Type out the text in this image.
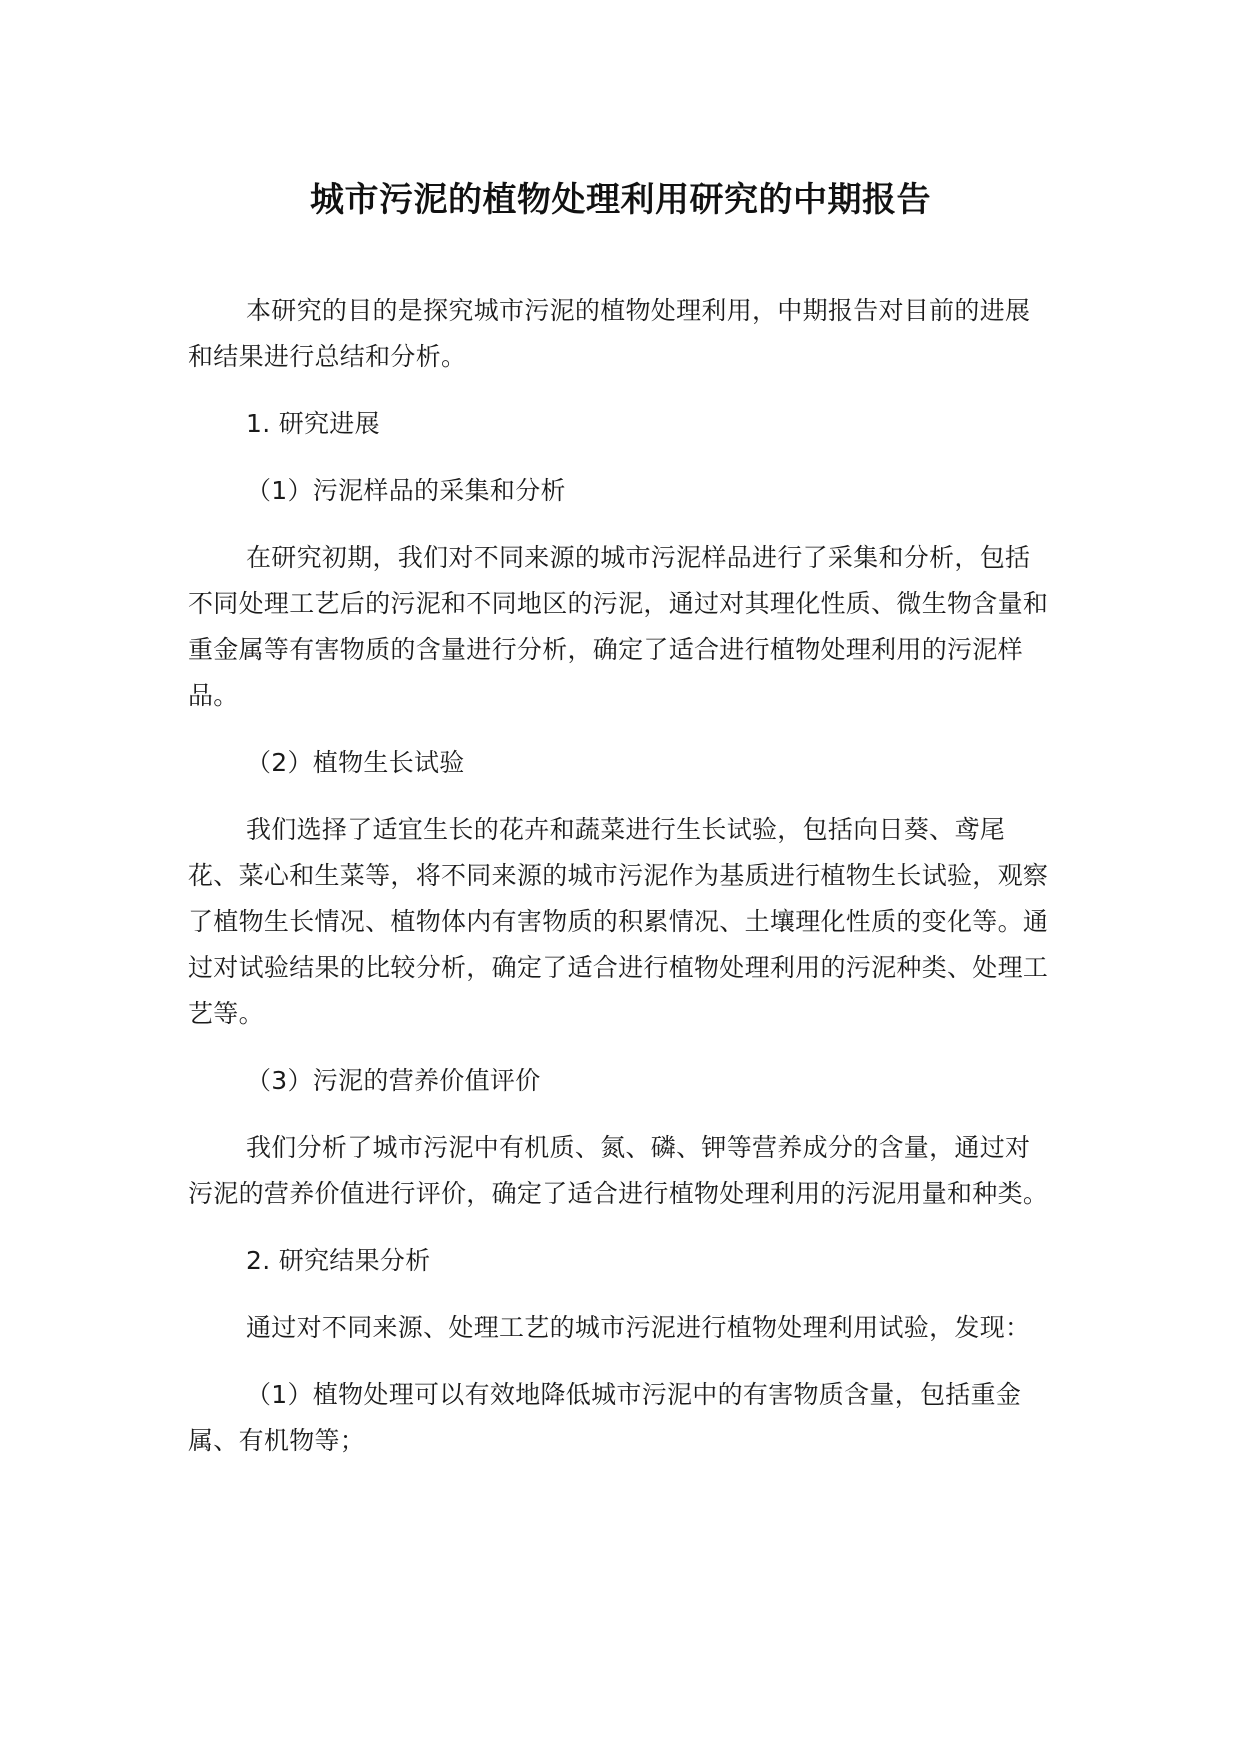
城市污泥的植物处理利用研究的中期报告

本研究的目的是探究城市污泥的植物处理利用，中期报告对目前的进展和结果进行总结和分析。

1. 研究进展

（1）污泥样品的采集和分析

在研究初期，我们对不同来源的城市污泥样品进行了采集和分析，包括不同处理工艺后的污泥和不同地区的污泥，通过对其理化性质、微生物含量和重金属等有害物质的含量进行分析，确定了适合进行植物处理利用的污泥样品。

（2）植物生长试验

我们选择了适宜生长的花卉和蔬菜进行生长试验，包括向日葵、鸢尾花、菜心和生菜等，将不同来源的城市污泥作为基质进行植物生长试验，观察了植物生长情况、植物体内有害物质的积累情况、土壤理化性质的变化等。通过对试验结果的比较分析，确定了适合进行植物处理利用的污泥种类、处理工艺等。

（3）污泥的营养价值评价

我们分析了城市污泥中有机质、氮、磷、钾等营养成分的含量，通过对污泥的营养价值进行评价，确定了适合进行植物处理利用的污泥用量和种类。

2. 研究结果分析

通过对不同来源、处理工艺的城市污泥进行植物处理利用试验，发现：

（1）植物处理可以有效地降低城市污泥中的有害物质含量，包括重金属、有机物等；
